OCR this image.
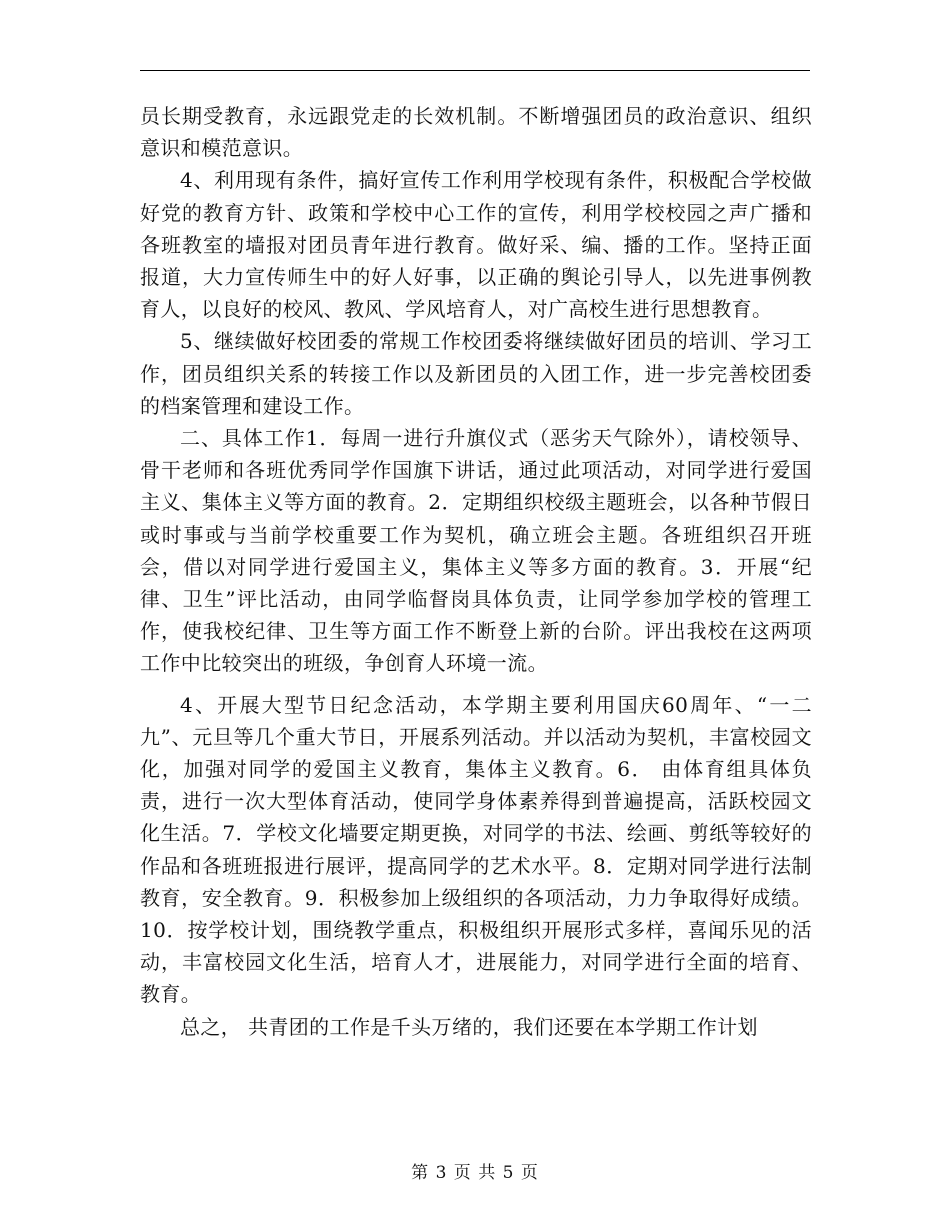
员长期受教育，永远跟党走的长效机制。不断增强团员的政治意识、组织意识和模范意识。

4、利用现有条件，搞好宣传工作利用学校现有条件，积极配合学校做好党的教育方针、政策和学校中心工作的宣传，利用学校校园之声广播和各班教室的墙报对团员青年进行教育。做好采、编、播的工作。坚持正面报道，大力宣传师生中的好人好事，以正确的舆论引导人，以先进事例教育人，以良好的校风、教风、学风培育人，对广高校生进行思想教育。

5、继续做好校团委的常规工作校团委将继续做好团员的培训、学习工作，团员组织关系的转接工作以及新团员的入团工作，进一步完善校团委的档案管理和建设工作。

二、具体工作1．每周一进行升旗仪式（恶劣天气除外），请校领导、骨干老师和各班优秀同学作国旗下讲话，通过此项活动，对同学进行爱国主义、集体主义等方面的教育。2．定期组织校级主题班会，以各种节假日或时事或与当前学校重要工作为契机，确立班会主题。各班组织召开班会，借以对同学进行爱国主义，集体主义等多方面的教育。3．开展“纪律、卫生”评比活动，由同学临督岗具体负责，让同学参加学校的管理工作，使我校纪律、卫生等方面工作不断登上新的台阶。评出我校在这两项工作中比较突出的班级，争创育人环境一流。

4、开展大型节日纪念活动，本学期主要利用国庆60周年、“一二 九”、元旦等几个重大节日，开展系列活动。并以活动为契机，丰富校园文化，加强对同学的爱国主义教育，集体主义教育。6． 由体育组具体负责，进行一次大型体育活动，使同学身体素养得到普遍提高，活跃校园文化生活。7．学校文化墙要定期更换，对同学的书法、绘画、剪纸等较好的作品和各班班报进行展评，提高同学的艺术水平。8．定期对同学进行法制教育，安全教育。9．积极参加上级组织的各项活动，力力争取得好成绩。10．按学校计划，围绕教学重点，积极组织开展形式多样，喜闻乐见的活动，丰富校园文化生活，培育人才，进展能力，对同学进行全面的培育、教育。

总之， 共青团的工作是千头万绪的，我们还要在本学期工作计划

第 3 页 共 5 页
